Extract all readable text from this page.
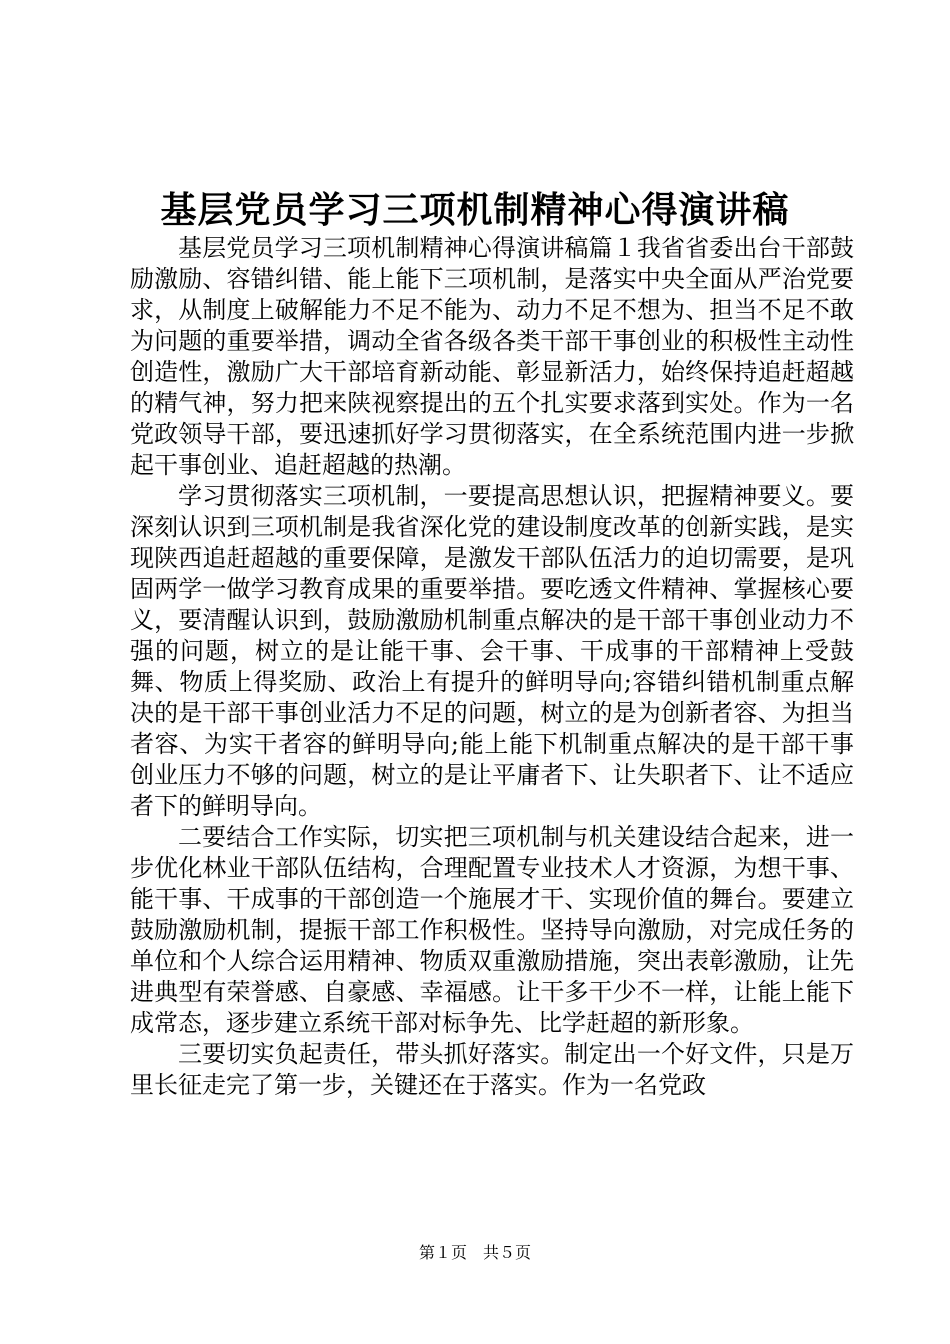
基层党员学习三项机制精神心得演讲稿

基层党员学习三项机制精神心得演讲稿篇１我省省委出台干部鼓励激励、容错纠错、能上能下三项机制，是落实中央全面从严治党要求，从制度上破解能力不足不能为、动力不足不想为、担当不足不敢为问题的重要举措，调动全省各级各类干部干事创业的积极性主动性创造性，激励广大干部培育新动能、彰显新活力，始终保持追赶超越的精气神，努力把来陕视察提出的五个扎实要求落到实处。作为一名党政领导干部，要迅速抓好学习贯彻落实，在全系统范围内进一步掀起干事创业、追赶超越的热潮。

学习贯彻落实三项机制，一要提高思想认识，把握精神要义。要深刻认识到三项机制是我省深化党的建设制度改革的创新实践，是实现陕西追赶超越的重要保障，是激发干部队伍活力的迫切需要，是巩固两学一做学习教育成果的重要举措。要吃透文件精神、掌握核心要义，要清醒认识到，鼓励激励机制重点解决的是干部干事创业动力不强的问题，树立的是让能干事、会干事、干成事的干部精神上受鼓舞、物质上得奖励、政治上有提升的鲜明导向;容错纠错机制重点解决的是干部干事创业活力不足的问题，树立的是为创新者容、为担当者容、为实干者容的鲜明导向;能上能下机制重点解决的是干部干事创业压力不够的问题，树立的是让平庸者下、让失职者下、让不适应者下的鲜明导向。

二要结合工作实际，切实把三项机制与机关建设结合起来，进一步优化林业干部队伍结构，合理配置专业技术人才资源，为想干事、能干事、干成事的干部创造一个施展才干、实现价值的舞台。要建立鼓励激励机制，提振干部工作积极性。坚持导向激励，对完成任务的单位和个人综合运用精神、物质双重激励措施，突出表彰激励，让先进典型有荣誉感、自豪感、幸福感。让干多干少不一样，让能上能下成常态，逐步建立系统干部对标争先、比学赶超的新形象。

三要切实负起责任，带头抓好落实。制定出一个好文件，只是万里长征走完了第一步，关键还在于落实。作为一名党政

第１页　共５页
